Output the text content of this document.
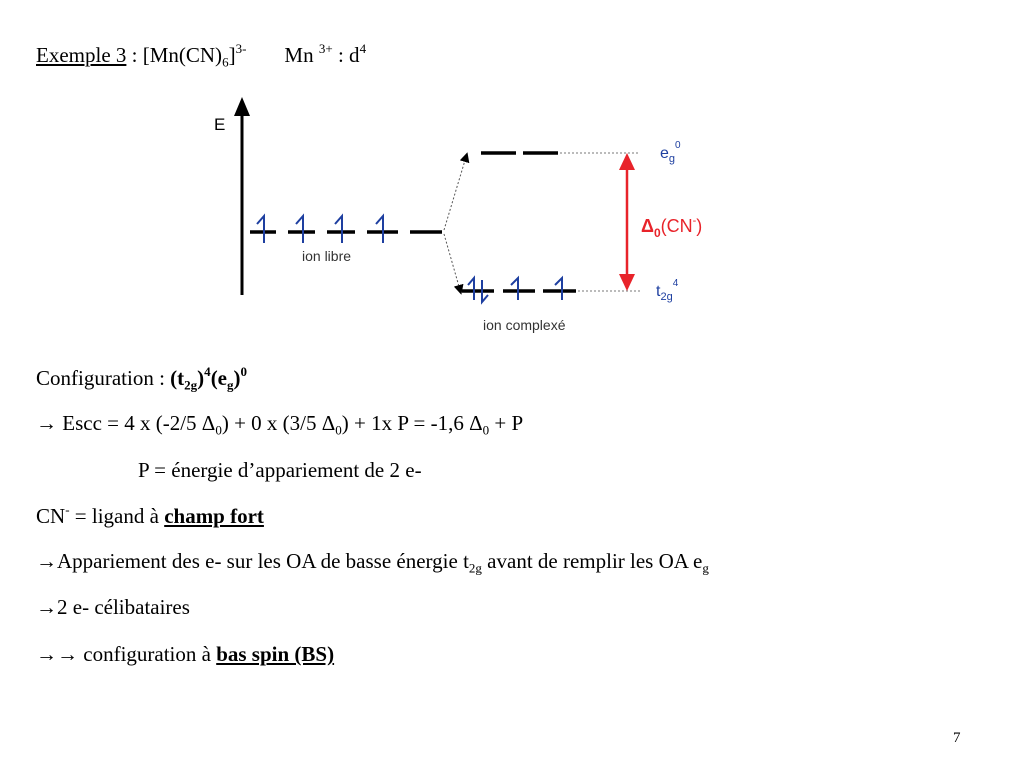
Exemple 3 : $[Mn(CN)_6]^{3-}$ Mn $^{3+}$ : $d^4$
E
ion libre
ion complexé
$\Delta_0(CN^-)$
$e_g^0$
$t_{2g}^4$
Configuration : $(t_{2g})^4(e_g)^0$
→ Escc = 4 x (-2/5 $\Delta_0) + 0$ x (3/5 $\Delta_0) + 1x$ P = -1,6 $\Delta_0 + P$
P = énergie d’appariement de 2 e-
CN- = ligand à champ fort
→Appariement des e- sur les OA de basse énergie $t_{2g}$ avant de remplir les OA $e_g$
→2 e- célibataires
→→ configuration à bas spin (BS)
7
